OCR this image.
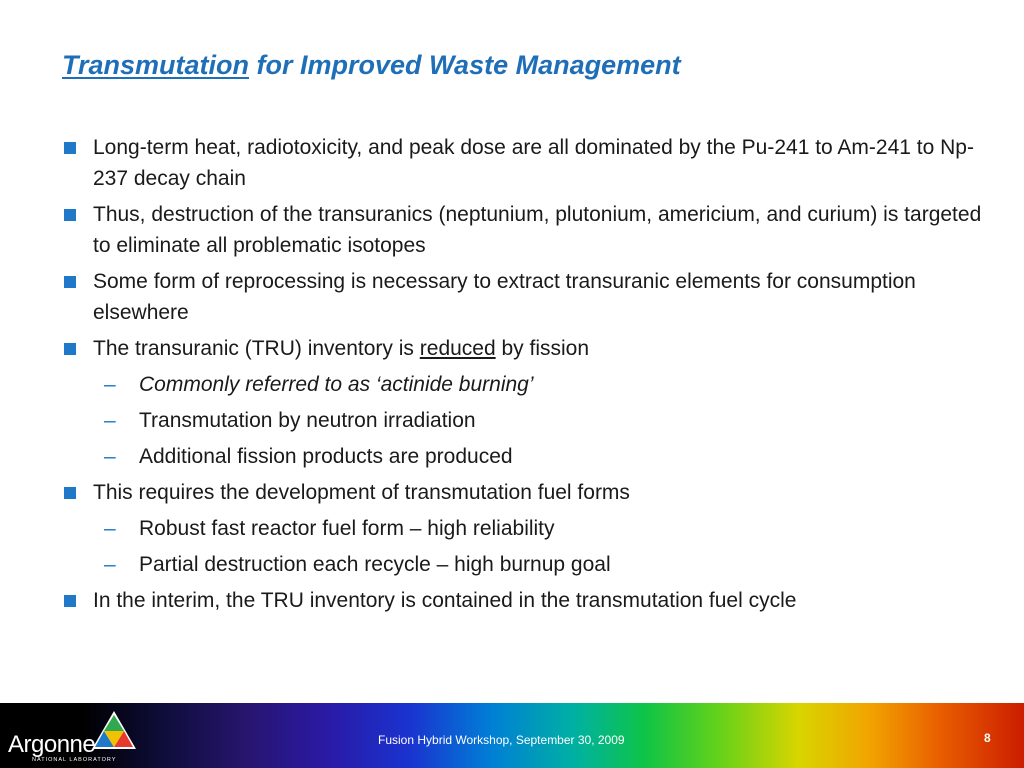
Transmutation for Improved Waste Management
Long-term heat, radiotoxicity, and peak dose are all dominated by the Pu-241 to Am-241 to Np-237 decay chain
Thus, destruction of the transuranics (neptunium, plutonium, americium, and curium) is targeted to eliminate all problematic isotopes
Some form of reprocessing is necessary to extract transuranic elements for consumption elsewhere
The transuranic (TRU) inventory is reduced by fission
– Commonly referred to as ‘actinide burning’
– Transmutation by neutron irradiation
– Additional fission products are produced
This requires the development of transmutation fuel forms
– Robust fast reactor fuel form – high reliability
– Partial destruction each recycle – high burnup goal
In the interim, the TRU inventory is contained in the transmutation fuel cycle
Argonne
NATIONAL LABORATORY
Fusion Hybrid Workshop, September 30, 2009	8
